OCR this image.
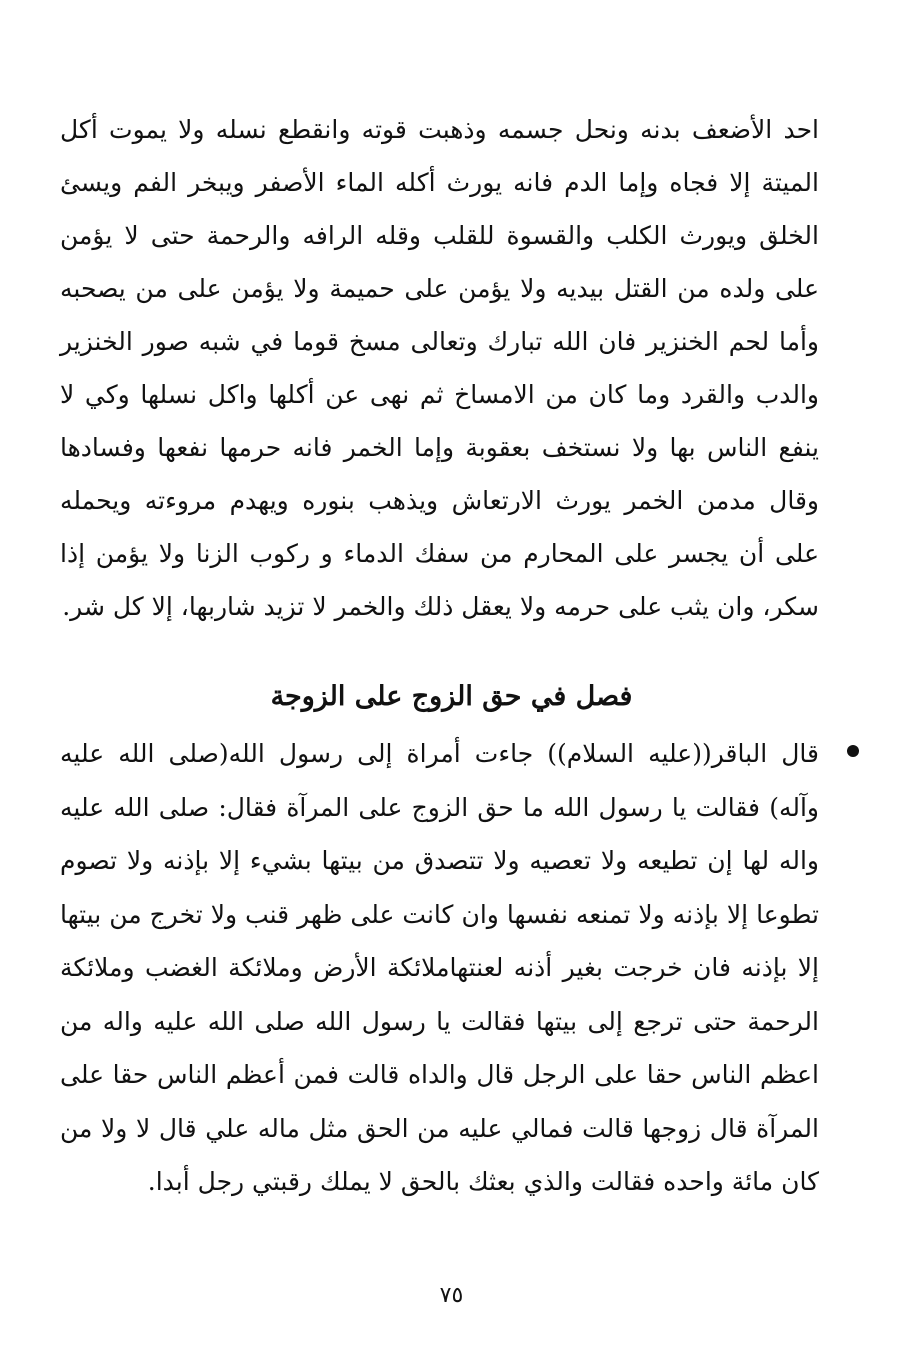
احد الأضعف بدنه ونحل جسمه وذهبت قوته وانقطع نسله ولا يموت أكل الميتة إلا فجاه وإما الدم فانه يورث أكله الماء الأصفر ويبخر الفم ويسئ الخلق ويورث الكلب والقسوة للقلب وقله الرافه والرحمة حتى لا يؤمن على ولده من القتل بيديه ولا يؤمن على حميمة ولا يؤمن على من يصحبه وأما لحم الخنزير فان الله تبارك وتعالى مسخ قوما في شبه صور الخنزير والدب والقرد وما كان من الامساخ ثم نهى عن أكلها واكل نسلها وكي لا ينفع الناس بها ولا نستخف بعقوبة وإما الخمر فانه حرمها نفعها وفسادها وقال مدمن الخمر يورث الارتعاش ويذهب بنوره ويهدم مروءته ويحمله على أن يجسر على المحارم من سفك الدماء و ركوب الزنا ولا يؤمن إذا سكر، وان يثب على حرمه ولا يعقل ذلك والخمر لا تزيد شاربها، إلا كل شر.

فصل في حق الزوج على الزوجة
قال الباقر((عليه السلام)) جاءت أمراة إلى رسول الله(صلى الله عليه وآله) فقالت يا رسول الله ما حق الزوج على المرآة فقال: صلى الله عليه واله لها إن تطيعه ولا تعصيه ولا تتصدق من بيتها بشيء إلا بإذنه ولا تصوم تطوعا إلا بإذنه ولا تمنعه نفسها وان كانت على ظهر قنب ولا تخرج من بيتها إلا بإذنه فان خرجت بغير أذنه لعنتهاملائكة الأرض وملائكة الغضب وملائكة الرحمة حتى ترجع إلى بيتها فقالت يا رسول الله صلى الله عليه واله من اعظم الناس حقا على الرجل قال والداه قالت فمن أعظم الناس حقا على المرآة قال زوجها قالت فمالي عليه من الحق مثل ماله علي قال لا ولا من كان مائة واحده فقالت والذي بعثك بالحق لا يملك رقبتي رجل أبدا.
٧٥
